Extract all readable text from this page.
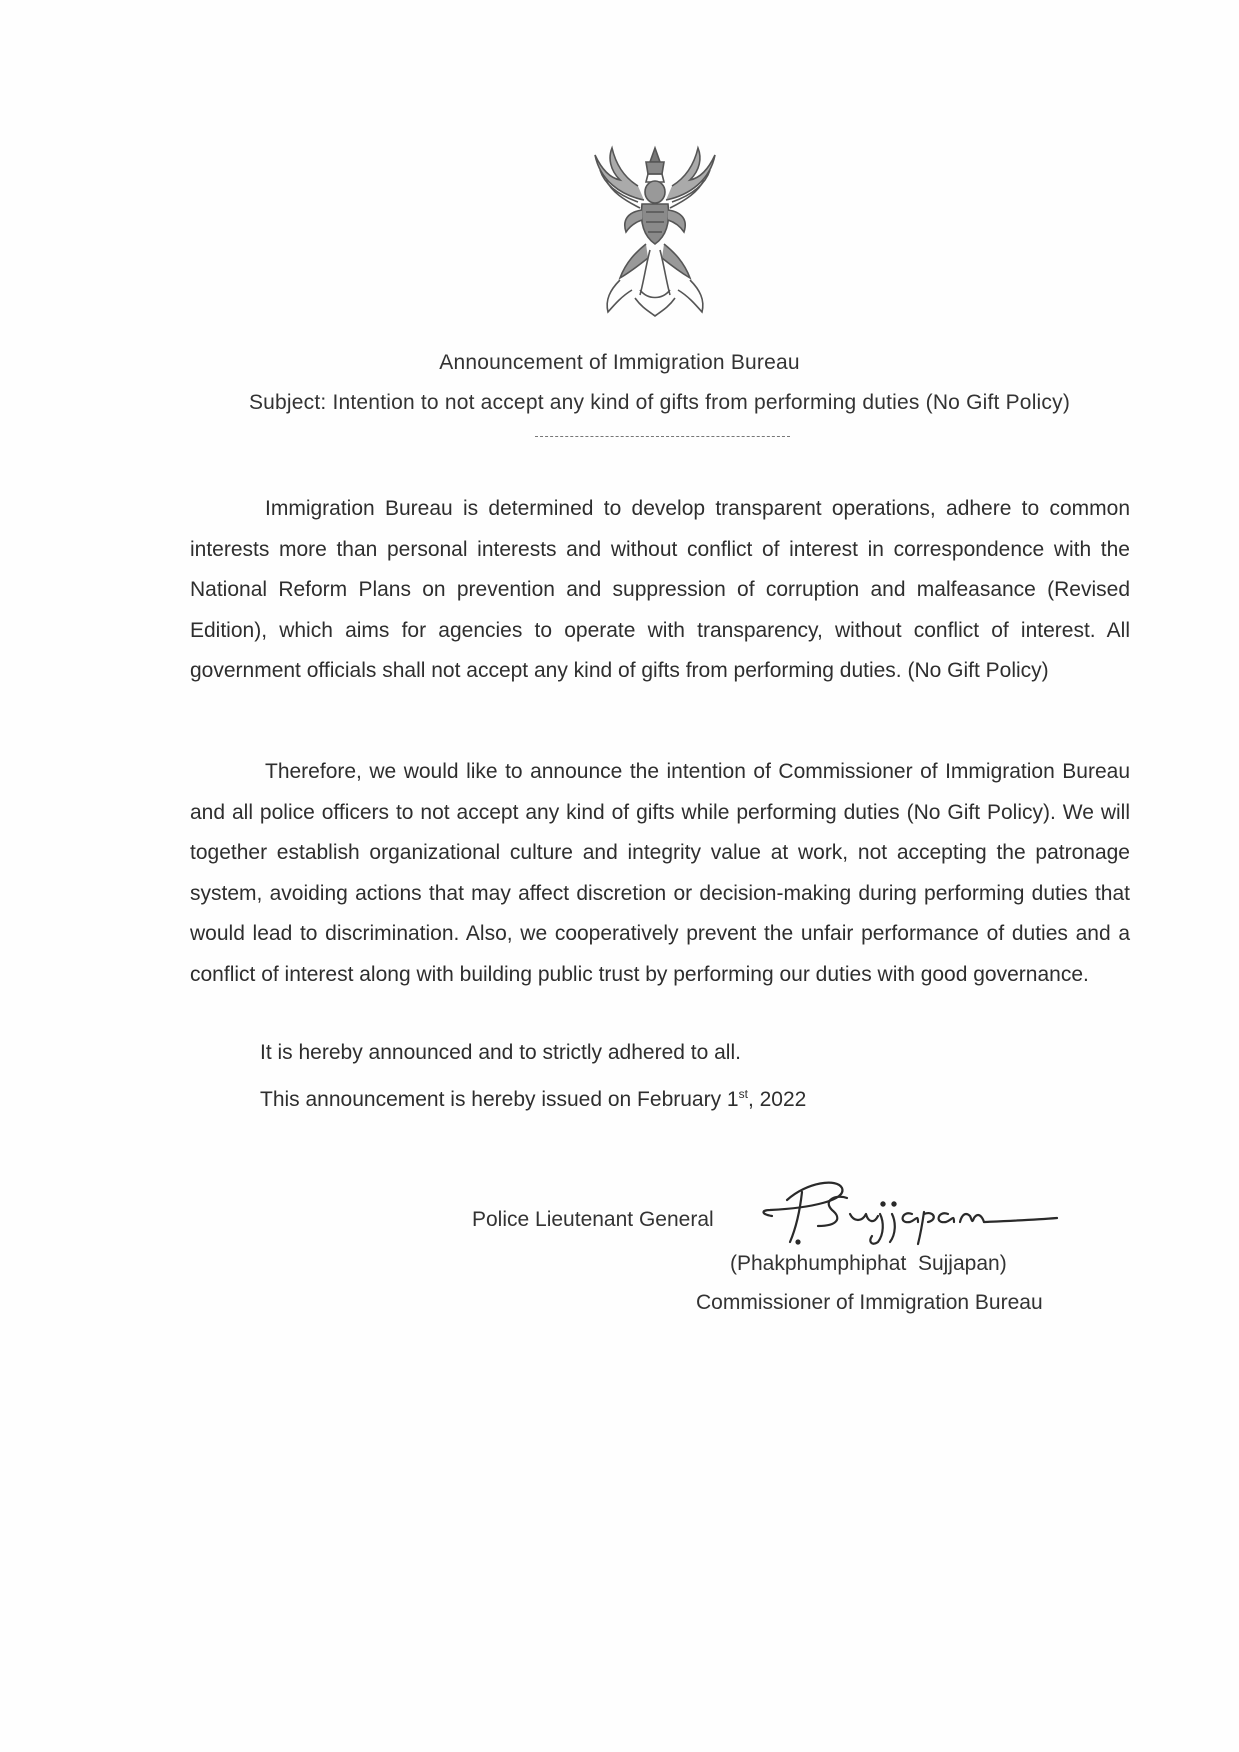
Announcement of Immigration Bureau
Subject: Intention to not accept any kind of gifts from performing duties (No Gift Policy)

Immigration Bureau is determined to develop transparent operations, adhere to common interests more than personal interests and without conflict of interest in correspondence with the National Reform Plans on prevention and suppression of corruption and malfeasance (Revised Edition), which aims for agencies to operate with transparency, without conflict of interest. All government officials shall not accept any kind of gifts from performing duties. (No Gift Policy)

Therefore, we would like to announce the intention of Commissioner of Immigration Bureau and all police officers to not accept any kind of gifts while performing duties (No Gift Policy). We will together establish organizational culture and integrity value at work, not accepting the patronage system, avoiding actions that may affect discretion or decision-making during performing duties that would lead to discrimination. Also, we cooperatively prevent the unfair performance of duties and a conflict of interest along with building public trust by performing our duties with good governance.

It is hereby announced and to strictly adhered to all.
This announcement is hereby issued on February 1st, 2022
Police Lieutenant General
(Phakphumphiphat  Sujjapan)
Commissioner of Immigration Bureau
